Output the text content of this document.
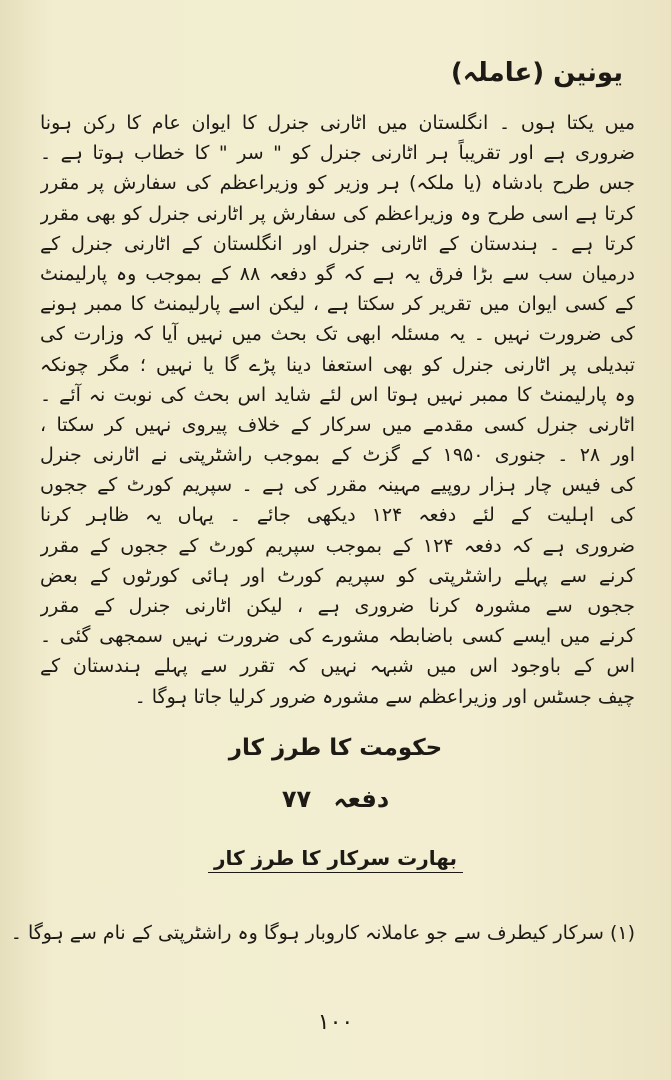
یونین (عاملہ)
میں یکتا ہوں ۔ انگلستان میں اٹارنی جنرل کا ایوان عام کا رکن ہونا
ضروری ہے اور تقریباً ہر اٹارنی جنرل کو " سر " کا خطاب ہوتا ہے ۔
جس طرح بادشاہ (یا ملکہ) ہر وزیر کو وزیراعظم کی سفارش پر مقرر
کرتا ہے اسی طرح وہ وزیراعظم کی سفارش پر اٹارنی جنرل کو بھی مقرر
کرتا ہے ۔ ہندستان کے اٹارنی جنرل اور انگلستان کے اٹارنی جنرل کے
درمیان سب سے بڑا فرق یہ ہے کہ گو دفعہ ۸۸ کے بموجب وہ پارلیمنٹ
کے کسی ایوان میں تقریر کر سکتا ہے ، لیکن اسے پارلیمنٹ کا ممبر ہونے
کی ضرورت نہیں ۔ یہ مسئلہ ابھی تک بحث میں نہیں آیا کہ وزارت کی
تبدیلی پر اٹارنی جنرل کو بھی استعفا دینا پڑے گا یا نہیں ؛ مگر چونکہ
وہ پارلیمنٹ کا ممبر نہیں ہوتا اس لئے شاید اس بحث کی نوبت نہ آئے ۔
اٹارنی جنرل کسی مقدمے میں سرکار کے خلاف پیروی نہیں کر سکتا ،
اور ۲۸ ۔ جنوری ۱۹۵۰ کے گزٹ کے بموجب راشٹرپتی نے اٹارنی جنرل
کی فیس چار ہزار روپیے مہینہ مقرر کی ہے ۔ سپریم کورٹ کے ججوں
کی اہلیت کے لئے دفعہ ۱۲۴ دیکھی جائے ۔ یہاں یہ ظاہر کرنا
ضروری ہے کہ دفعہ ۱۲۴ کے بموجب سپریم کورٹ کے ججوں کے مقرر
کرنے سے پہلے راشٹرپتی کو سپریم کورٹ اور ہائی کورٹوں کے بعض
ججوں سے مشورہ کرنا ضروری ہے ، لیکن اٹارنی جنرل کے مقرر
کرنے میں ایسے کسی باضابطہ مشورے کی ضرورت نہیں سمجھی گئی ۔
اس کے باوجود اس میں شبہہ نہیں کہ تقرر سے پہلے ہندستان کے
چیف جسٹس اور وزیراعظم سے مشورہ ضرور کرلیا جاتا ہوگا ۔
حکومت کا طرز کار
دفعہ ۷۷
بھارت سرکار کا طرز کار
(۱) سرکار کیطرف سے جو عاملانہ کاروبار ہوگا وہ راشٹرپتی کے نام سے ہوگا ۔
۱۰۰
